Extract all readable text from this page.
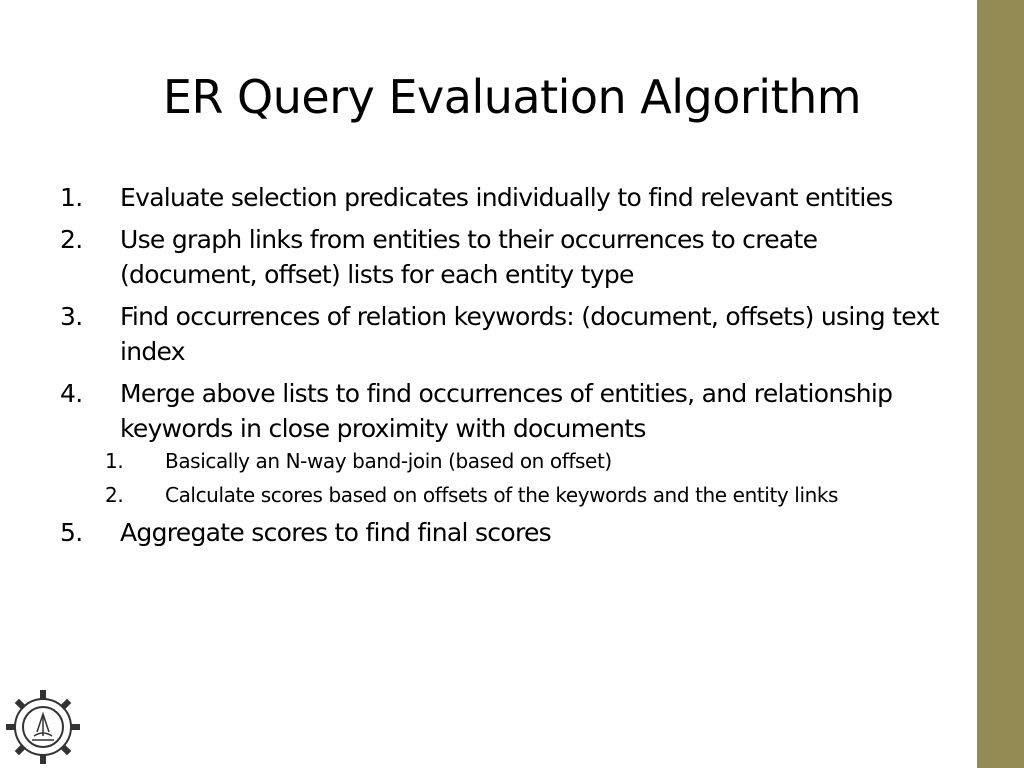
ER Query Evaluation Algorithm
1.	Evaluate selection predicates individually to find relevant entities
2.	Use graph links from entities to their occurrences to create (document, offset) lists for each entity type
3.	Find occurrences of relation keywords: (document, offsets) using text index
4.	Merge above lists to find occurrences of entities, and relationship keywords in close proximity with documents
1.	Basically an N-way band-join (based on offset)
2.	Calculate scores based on offsets of the keywords and the entity links
5.	Aggregate scores to find final scores
